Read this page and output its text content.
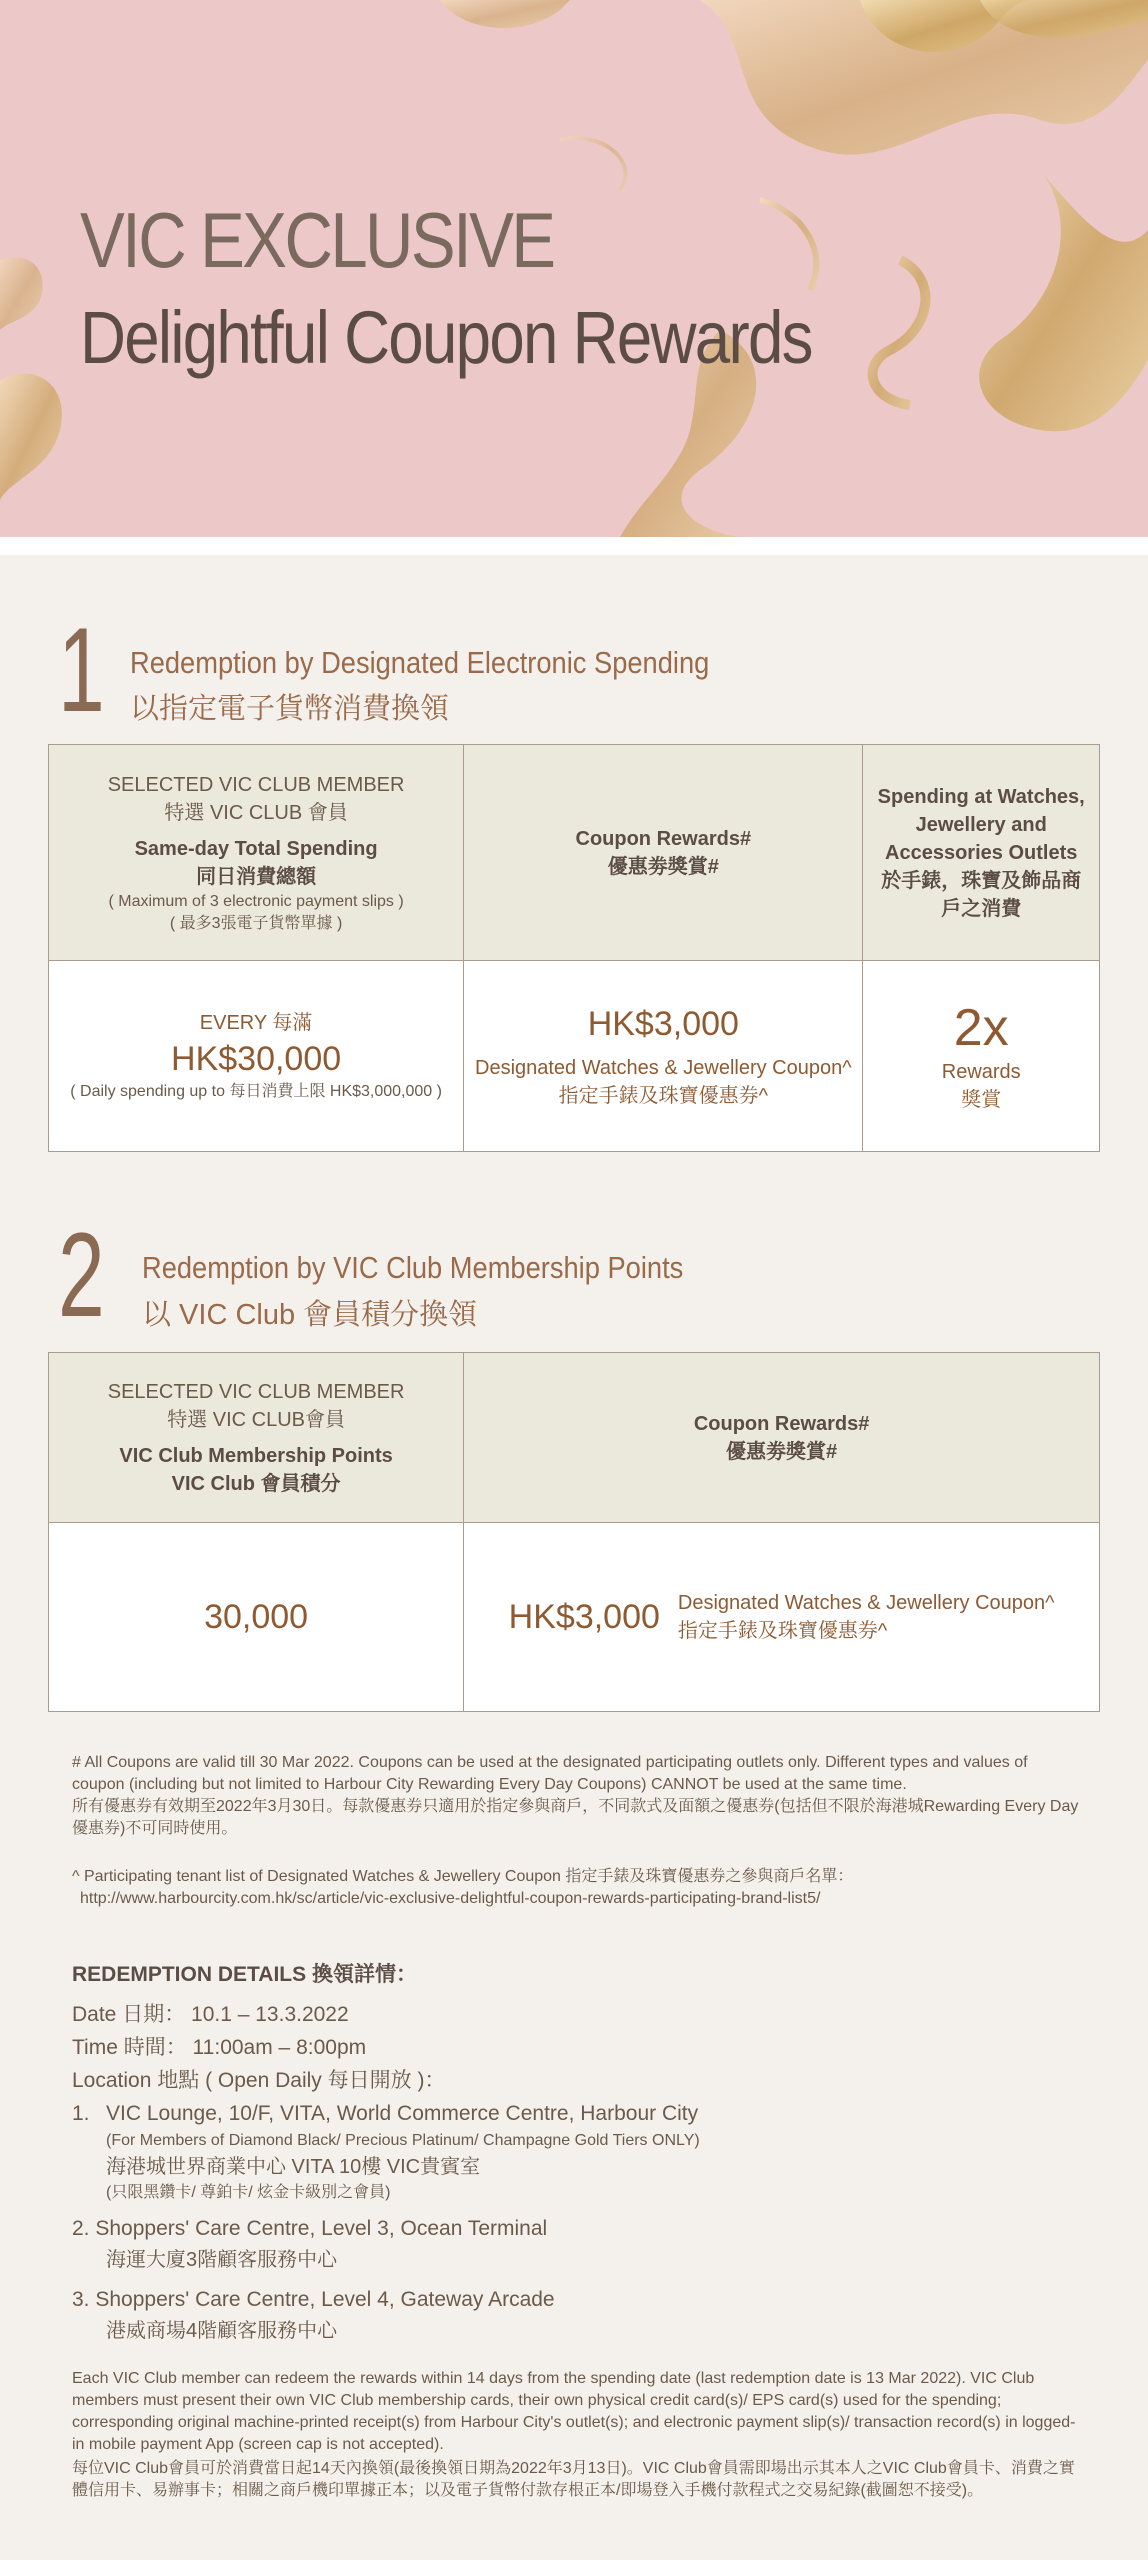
VIC EXCLUSIVE
Delightful Coupon Rewards
1 Redemption by Designated Electronic Spending
以指定電子貨幣消費換領
SELECTED VIC CLUB MEMBER
特選 VIC CLUB 會員
Same-day Total Spending
同日消費總額
( Maximum of 3 electronic payment slips )
( 最多3張電子貨幣單據 )
Coupon Rewards#
優惠劵獎賞#
Spending at Watches, Jewellery and Accessories Outlets
於手錶，珠寶及飾品商戶之消費
EVERY 每滿
HK$30,000
( Daily spending up to 每日消費上限 HK$3,000,000 )
HK$3,000
Designated Watches & Jewellery Coupon^
指定手錶及珠寶優惠券^
2x
Rewards
獎賞
2 Redemption by VIC Club Membership Points
以 VIC Club 會員積分換領
SELECTED VIC CLUB MEMBER
特選 VIC CLUB會員
VIC Club Membership Points
VIC Club 會員積分
Coupon Rewards#
優惠劵獎賞#
30,000	HK$3,000 Designated Watches & Jewellery Coupon^
指定手錶及珠寶優惠券^

# All Coupons are valid till 30 Mar 2022. Coupons can be used at the designated participating outlets only. Different types and values of coupon (including but not limited to Harbour City Rewarding Every Day Coupons) CANNOT be used at the same time.

所有優惠券有效期至2022年3月30日。每款優惠券只適用於指定參與商戶，不同款式及面額之優惠券(包括但不限於海港城Rewarding Every Day優惠券)不可同時使用。

^ Participating tenant list of Designated Watches & Jewellery Coupon 指定手錶及珠寶優惠券之參與商戶名單：

http://www.harbourcity.com.hk/sc/article/vic-exclusive-delightful-coupon-rewards-participating-brand-list5/

REDEMPTION DETAILS 換領詳情：
Date 日期： 10.1 – 13.3.2022
Time 時間： 11:00am – 8:00pm
Location 地點 ( Open Daily 每日開放 )：
1. VIC Lounge, 10/F, VITA, World Commerce Centre, Harbour City
(For Members of Diamond Black/ Precious Platinum/ Champagne Gold Tiers ONLY)
海港城世界商業中心 VITA 10樓 VIC貴賓室
(只限黑鑽卡/ 尊鉑卡/ 炫金卡級別之會員)
2. Shoppers' Care Centre, Level 3, Ocean Terminal
海運大廈3階顧客服務中心
3. Shoppers' Care Centre, Level 4, Gateway Arcade
港威商場4階顧客服務中心
Each VIC Club member can redeem the rewards within 14 days from the spending date (last redemption date is 13 Mar 2022). VIC Club members must present their own VIC Club membership cards, their own physical credit card(s)/ EPS card(s) used for the spending; corresponding original machine-printed receipt(s) from Harbour City's outlet(s); and electronic payment slip(s)/ transaction record(s) in logged-in mobile payment App (screen cap is not accepted).
每位VIC Club會員可於消費當日起14天內換領(最後換領日期為2022年3月13日)。VIC Club會員需即場出示其本人之VIC Club會員卡、消費之實體信用卡、易辦事卡；相關之商戶機印單據正本；以及電子貨幣付款存根正本/即場登入手機付款程式之交易紀錄(截圖恕不接受)。
